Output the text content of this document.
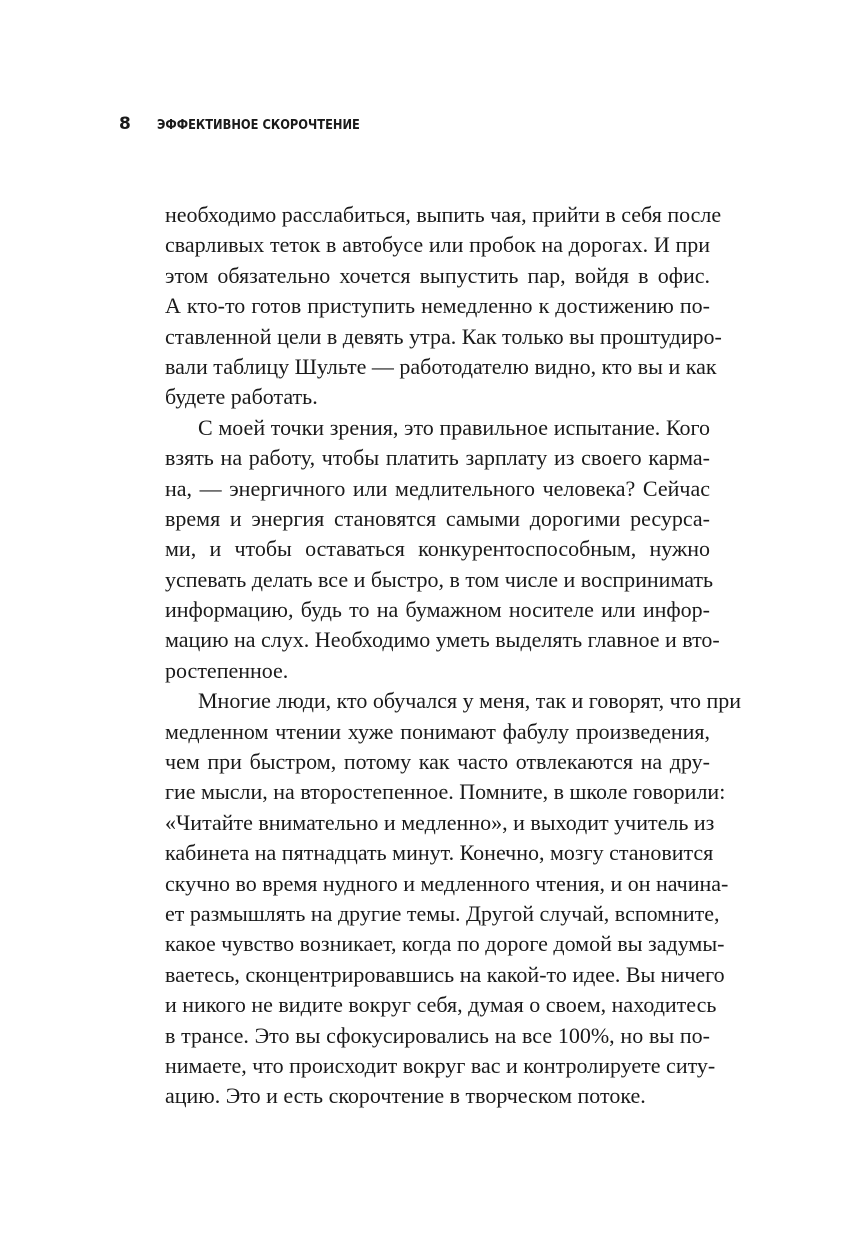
8 ЭФФЕКТИВНОЕ СКОРОЧТЕНИЕ
необходимо расслабиться, выпить чая, прийти в себя после
сварливых теток в автобусе или пробок на дорогах. И при
этом обязательно хочется выпустить пар, войдя в офис.
А кто-то готов приступить немедленно к достижению по-
ставленной цели в девять утра. Как только вы проштудиро-
вали таблицу Шульте — работодателю видно, кто вы и как
будете работать.
С моей точки зрения, это правильное испытание. Кого
взять на работу, чтобы платить зарплату из своего карма-
на, — энергичного или медлительного человека? Сейчас
время и энергия становятся самыми дорогими ресурса-
ми, и чтобы оставаться конкурентоспособным, нужно
успевать делать все и быстро, в том числе и воспринимать
информацию, будь то на бумажном носителе или инфор-
мацию на слух. Необходимо уметь выделять главное и вто-
ростепенное.
Многие люди, кто обучался у меня, так и говорят, что при
медленном чтении хуже понимают фабулу произведения,
чем при быстром, потому как часто отвлекаются на дру-
гие мысли, на второстепенное. Помните, в школе говорили:
«Читайте внимательно и медленно», и выходит учитель из
кабинета на пятнадцать минут. Конечно, мозгу становится
скучно во время нудного и медленного чтения, и он начина-
ет размышлять на другие темы. Другой случай, вспомните,
какое чувство возникает, когда по дороге домой вы задумы-
ваетесь, сконцентрировавшись на какой-то идее. Вы ничего
и никого не видите вокруг себя, думая о своем, находитесь
в трансе. Это вы сфокусировались на все 100%, но вы по-
нимаете, что происходит вокруг вас и контролируете ситу-
ацию. Это и есть скорочтение в творческом потоке.
